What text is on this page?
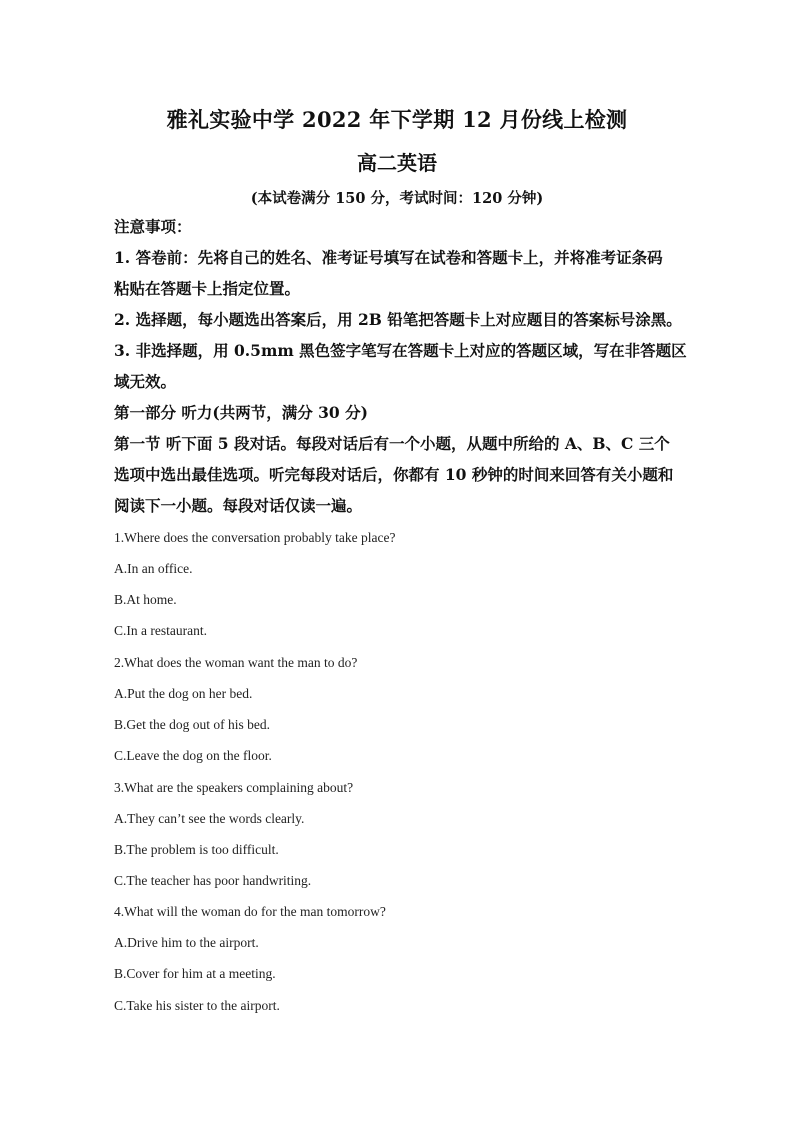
雅礼实验中学 2022 年下学期 12 月份线上检测
高二英语
(本试卷满分 150 分，考试时间：120 分钟)
注意事项：
1. 答卷前：先将自己的姓名、准考证号填写在试卷和答题卡上，并将准考证条码
粘贴在答题卡上指定位置。
2. 选择题，每小题选出答案后，用 2B 铅笔把答题卡上对应题目的答案标号涂黑。
3. 非选择题，用 0.5mm 黑色签字笔写在答题卡上对应的答题区域，写在非答题区
域无效。
第一部分 听力(共两节，满分 30 分)
第一节 听下面 5 段对话。每段对话后有一个小题，从题中所给的 A、B、C 三个
选项中选出最佳选项。听完每段对话后，你都有 10 秒钟的时间来回答有关小题和
阅读下一小题。每段对话仅读一遍。
1.Where does the conversation probably take place?
A.In an office.
B.At home.
C.In a restaurant.
2.What does the woman want the man to do?
A.Put the dog on her bed.
B.Get the dog out of his bed.
C.Leave the dog on the floor.
3.What are the speakers complaining about?
A.They can’t see the words clearly.
B.The problem is too difficult.
C.The teacher has poor handwriting.
4.What will the woman do for the man tomorrow?
A.Drive him to the airport.
B.Cover for him at a meeting.
C.Take his sister to the airport.
